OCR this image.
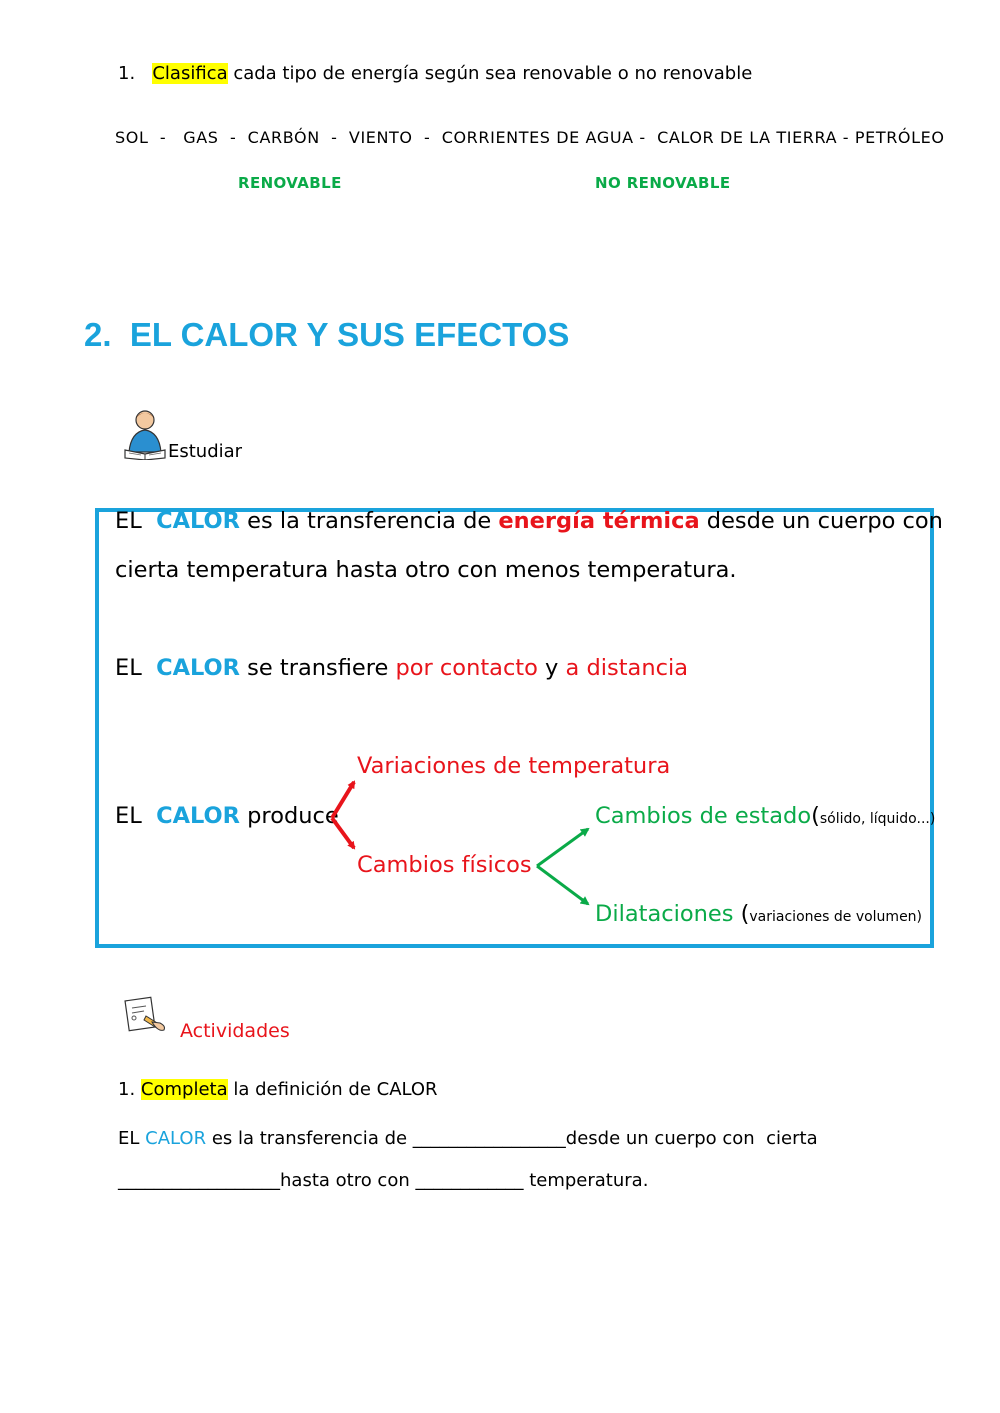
1. Clasifica cada tipo de energía según sea renovable o no renovable
SOL  -   GAS  -  CARBÓN  -  VIENTO  -  CORRIENTES DE AGUA -  CALOR DE LA TIERRA - PETRÓLEO
RENOVABLE	NO RENOVABLE
2.  EL CALOR Y SUS EFECTOS
Estudiar
EL CALOR es la transferencia de energía térmica desde un cuerpo con
cierta temperatura hasta otro con menos temperatura.
EL CALOR se transfiere por contacto y a distancia
Variaciones de temperatura
EL CALOR produce	Cambios de estado(sólido, líquido...)
Cambios físicos
Dilataciones (variaciones de volumen)
Actividades
1. Completa la definición de CALOR
EL CALOR es la transferencia de _________________desde un cuerpo con  cierta
__________________hasta otro con ____________ temperatura.
